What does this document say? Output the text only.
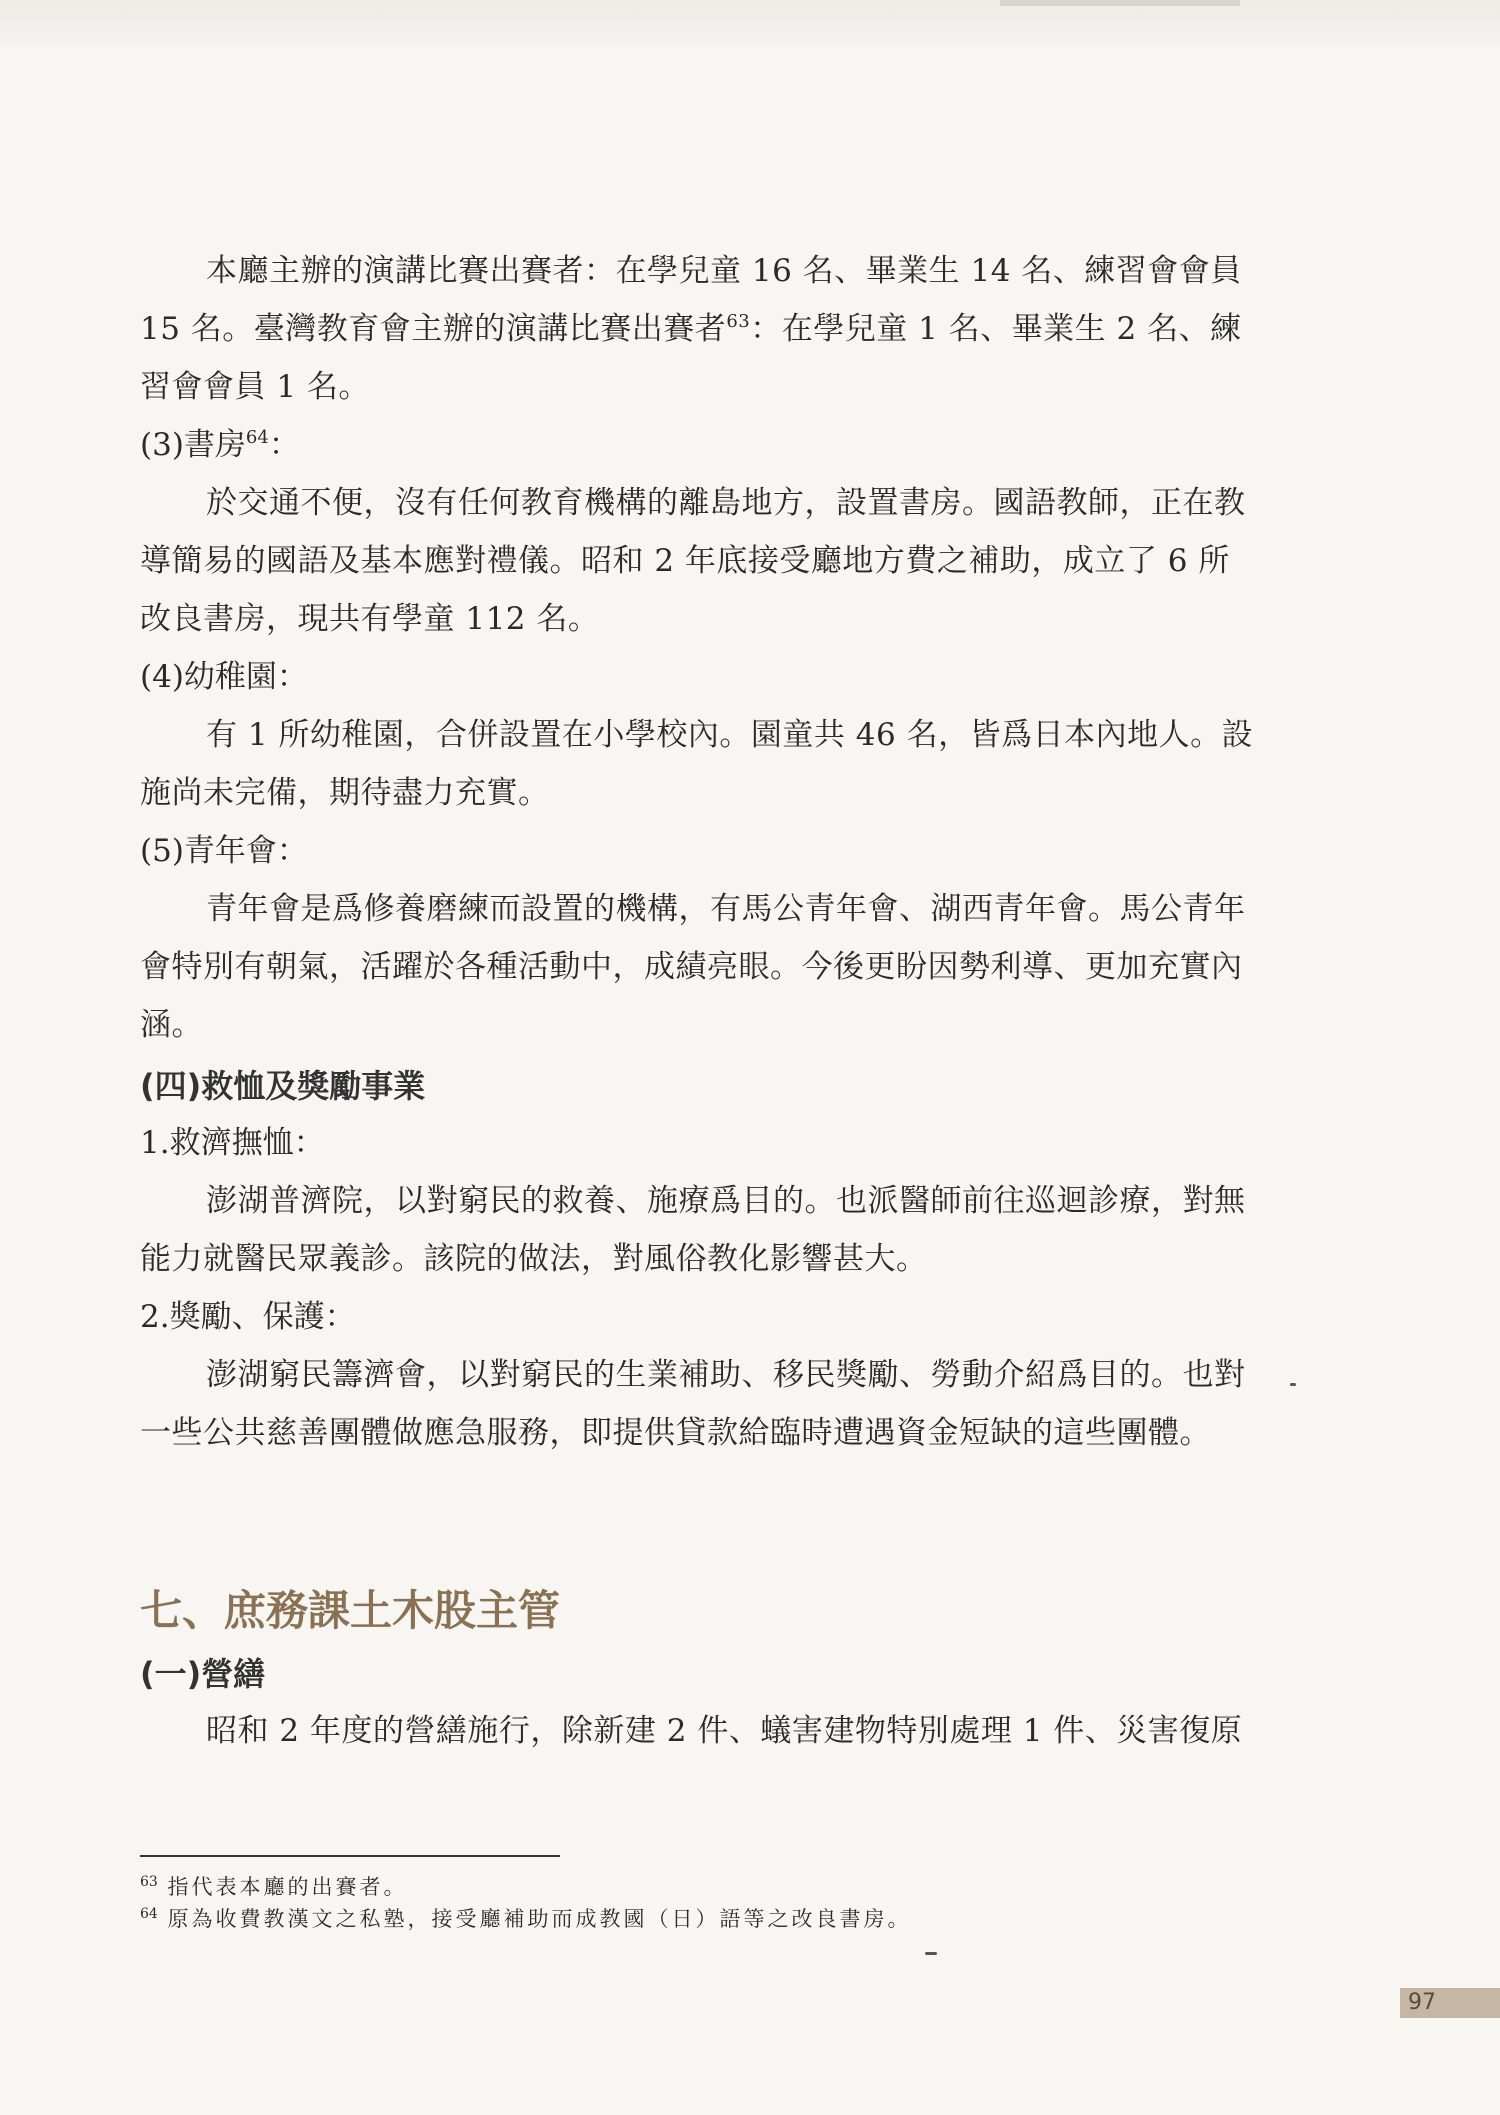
本廳主辦的演講比賽出賽者：在學兒童 16 名、畢業生 14 名、練習會會員 15 名。臺灣教育會主辦的演講比賽出賽者$^{63}$：在學兒童 1 名、畢業生 2 名、練習會會員 1 名。

(3)書房$^{64}$：

於交通不便，沒有任何教育機構的離島地方，設置書房。國語教師，正在教導簡易的國語及基本應對禮儀。昭和 2 年底接受廳地方費之補助，成立了 6 所改良書房，現共有學童 112 名。

(4)幼稚園：

有 1 所幼稚園，合併設置在小學校內。園童共 46 名，皆爲日本內地人。設施尚未完備，期待盡力充實。

(5)青年會：

青年會是爲修養磨練而設置的機構，有馬公青年會、湖西青年會。馬公青年會特別有朝氣，活躍於各種活動中，成績亮眼。今後更盼因勢利導、更加充實內涵。

(四)救恤及獎勵事業
1.救濟撫恤：

澎湖普濟院，以對窮民的救養、施療爲目的。也派醫師前往巡迴診療，對無能力就醫民眾義診。該院的做法，對風俗教化影響甚大。

2.獎勵、保護：

澎湖窮民籌濟會，以對窮民的生業補助、移民獎勵、勞動介紹爲目的。也對一些公共慈善團體做應急服務，即提供貸款給臨時遭遇資金短缺的這些團體。

七、庶務課土木股主管
(一)營繕

昭和 2 年度的營繕施行，除新建 2 件、蟻害建物特別處理 1 件、災害復原

$^{63}$ 指代表本廳的出賽者。
$^{64}$ 原為收費教漢文之私塾，接受廳補助而成教國（日）語等之改良書房。
97
